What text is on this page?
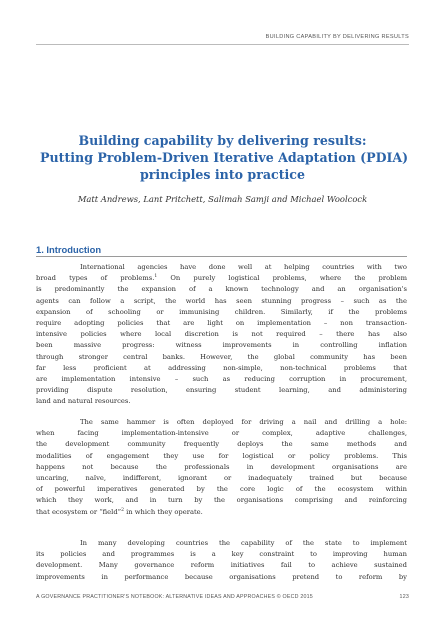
BUILDING CAPABILITY BY DELIVERING RESULTS
Building capability by delivering results:
Putting Problem-Driven Iterative Adaptation (PDIA)
principles into practice
Matt Andrews, Lant Pritchett, Salimah Samji and Michael Woolcock
1. Introduction
International agencies have done well at helping countries with two
broad types of problems.$^1$ On purely logistical problems, where the problem
is predominantly the expansion of a known technology and an organisation's
agents can follow a script, the world has seen stunning progress – such as the
expansion of schooling or immunising children. Similarly, if the problems
require adopting policies that are light on implementation – non transaction-
intensive policies where local discretion is not required – there has also
been massive progress: witness improvements in controlling inflation
through stronger central banks. However, the global community has been
far less proficient at addressing non-simple, non-technical problems that
are implementation intensive – such as reducing corruption in procurement,
providing dispute resolution, ensuring student learning, and administering
land and natural resources.
The same hammer is often deployed for driving a nail and drilling a hole:
when facing implementation-intensive or complex, adaptive challenges,
the development community frequently deploys the same methods and
modalities of engagement they use for logistical or policy problems. This
happens not because the professionals in development organisations are
uncaring, naïve, indifferent, ignorant or inadequately trained but because
of powerful imperatives generated by the core logic of the ecosystem within
which they work, and in turn by the organisations comprising and reinforcing
that ecosystem or “field”$^2$ in which they operate.
In many developing countries the capability of the state to implement
its policies and programmes is a key constraint to improving human
development. Many governance reform initiatives fail to achieve sustained
improvements in performance because organisations pretend to reform by
A GOVERNANCE PRACTITIONER'S NOTEBOOK: ALTERNATIVE IDEAS AND APPROACHES © OECD 2015	123
